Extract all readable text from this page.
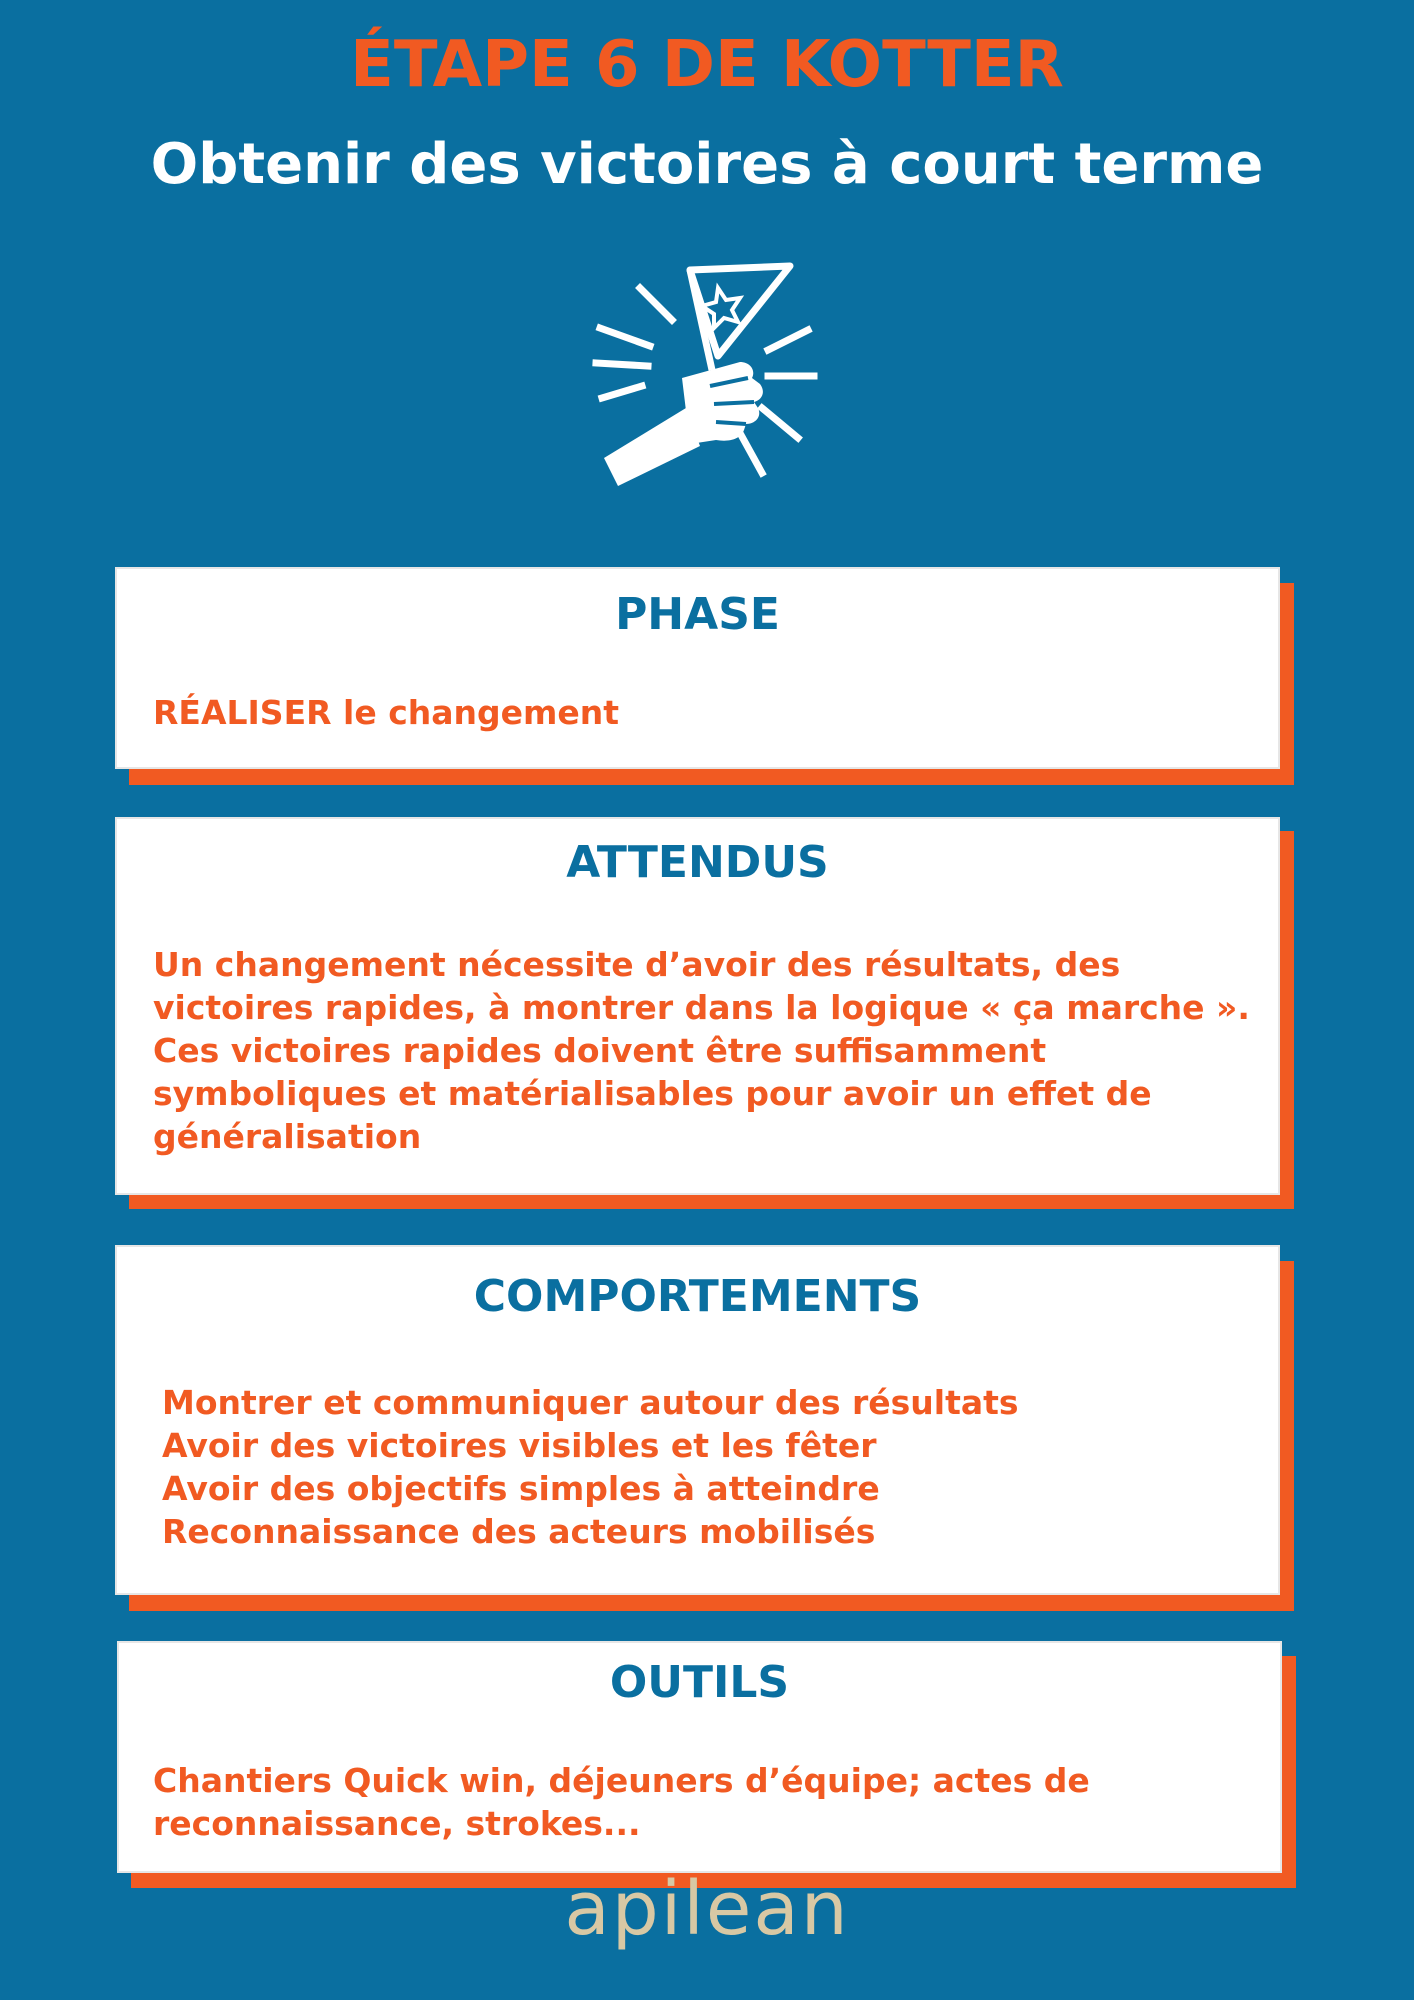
ÉTAPE 6 DE KOTTER
Obtenir des victoires à court terme
PHASE
RÉALISER le changement
ATTENDUS
Un changement nécessite d’avoir des résultats, des
victoires rapides, à montrer dans la logique « ça marche ».
Ces victoires rapides doivent être suffisamment
symboliques et matérialisables pour avoir un effet de
généralisation
COMPORTEMENTS
Montrer et communiquer autour des résultats
Avoir des victoires visibles et les fêter
Avoir des objectifs simples à atteindre
Reconnaissance des acteurs mobilisés
OUTILS
Chantiers Quick win, déjeuners d’équipe; actes de
reconnaissance, strokes...
apilean
